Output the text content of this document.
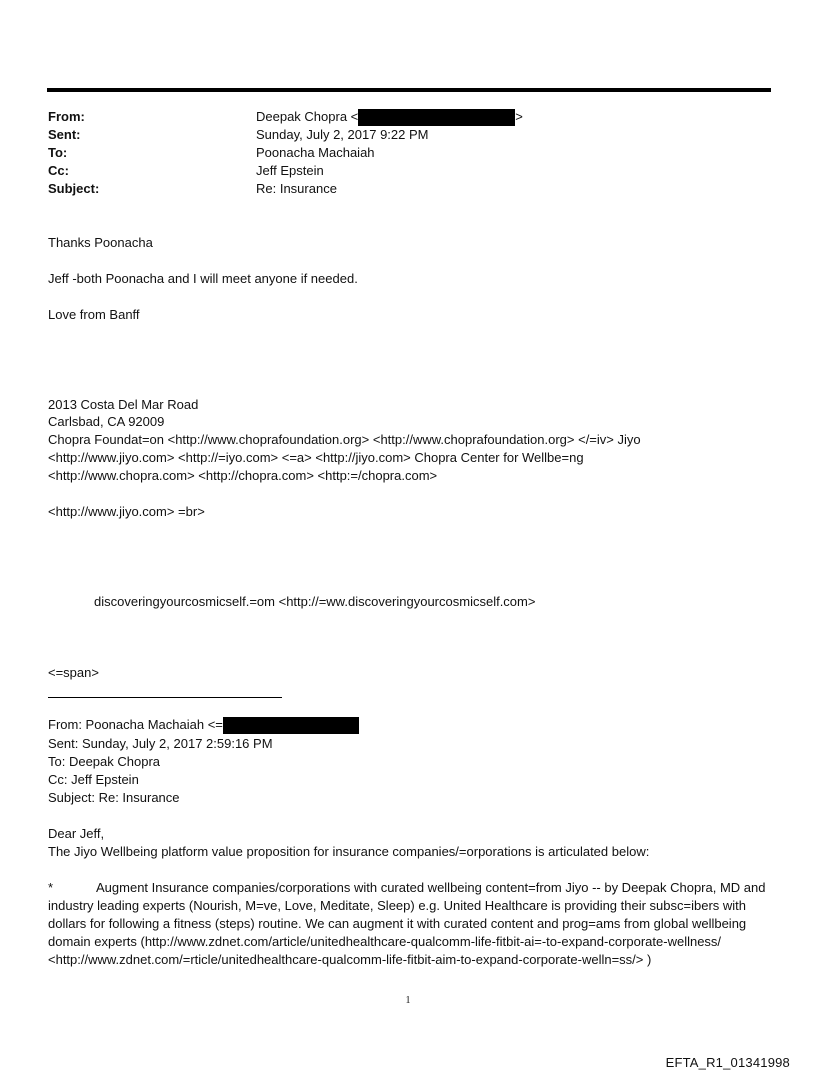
From:	Deepak Chopra <	>
Sent:	Sunday, July 2, 2017 9:22 PM
To:	Poonacha Machaiah
Cc:	Jeff Epstein
Subject:	Re: Insurance
Thanks Poonacha
Jeff -both Poonacha and I will meet anyone if needed.
Love from Banff
2013 Costa Del Mar Road
Carlsbad, CA 92009
Chopra Foundat=on <http://www.choprafoundation.org> <http://www.choprafoundation.org> </=iv> Jiyo
<http://www.jiyo.com> <http://=iyo.com> <=a> <http://jiyo.com> Chopra Center for Wellbe=ng
<http://www.chopra.com> <http://chopra.com> <http:=/chopra.com>
<http://www.jiyo.com> =br>
discoveringyourcosmicself.=om <http://=ww.discoveringyourcosmicself.com>
<=span>
From: Poonacha Machaiah <=
Sent: Sunday, July 2, 2017 2:59:16 PM
To: Deepak Chopra
Cc: Jeff Epstein
Subject: Re: Insurance
Dear Jeff,
The Jiyo Wellbeing platform value proposition for insurance companies/=orporations is articulated below:
*	Augment Insurance companies/corporations with curated wellbeing content=from Jiyo -- by Deepak Chopra, MD and industry leading experts (Nourish, M=ve, Love, Meditate, Sleep) e.g. United Healthcare is providing their subsc=ibers with dollars for following a fitness (steps) routine. We can augment it with curated content and prog=ams from global wellbeing domain experts (http://www.zdnet.com/article/unitedhealthcare-qualcomm-life-fitbit-ai=-to-expand-corporate-wellness/ <http://www.zdnet.com/=rticle/unitedhealthcare-qualcomm-life-fitbit-aim-to-expand-corporate-welln=ss/> )
1
EFTA_R1_01341998
